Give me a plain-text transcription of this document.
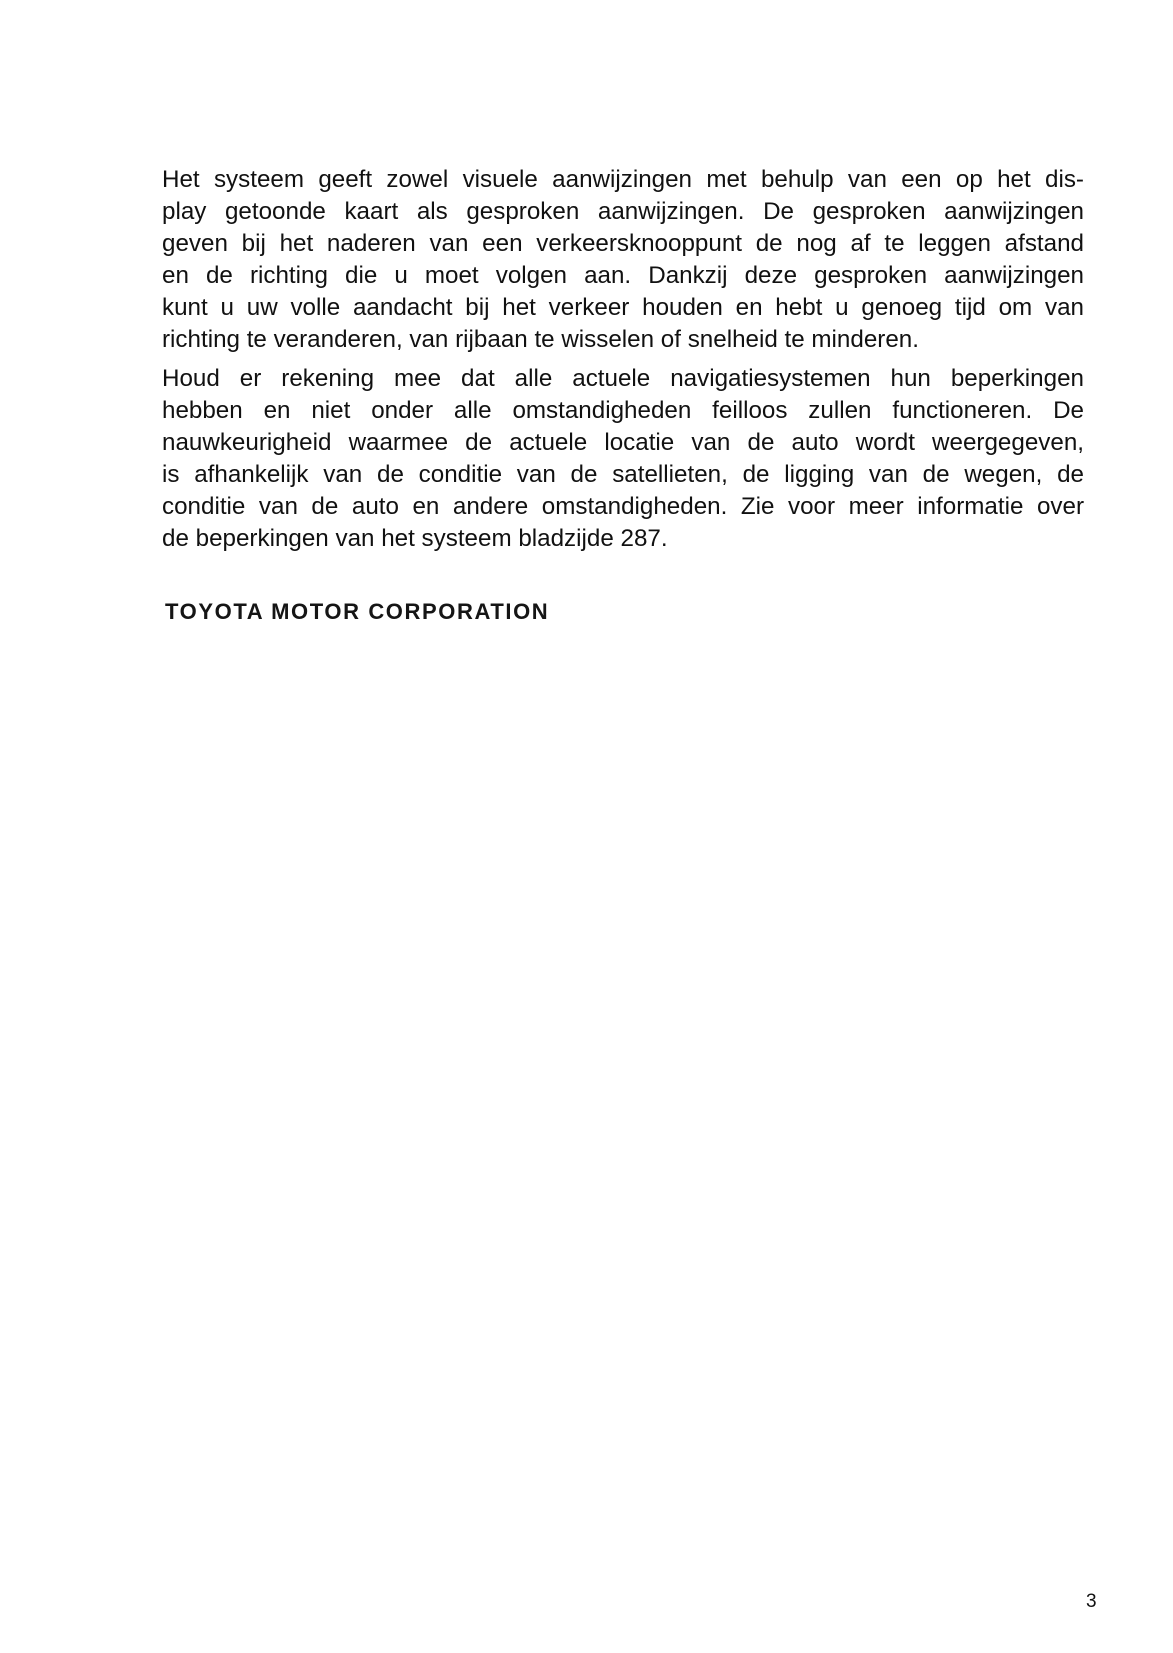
Het systeem geeft zowel visuele aanwijzingen met behulp van een op het dis-
play getoonde kaart als gesproken aanwijzingen. De gesproken aanwijzingen
geven bij het naderen van een verkeersknooppunt de nog af te leggen afstand
en de richting die u moet volgen aan. Dankzij deze gesproken aanwijzingen
kunt u uw volle aandacht bij het verkeer houden en hebt u genoeg tijd om van
richting te veranderen, van rijbaan te wisselen of snelheid te minderen.
Houd er rekening mee dat alle actuele navigatiesystemen hun beperkingen
hebben en niet onder alle omstandigheden feilloos zullen functioneren. De
nauwkeurigheid waarmee de actuele locatie van de auto wordt weergegeven,
is afhankelijk van de conditie van de satellieten, de ligging van de wegen, de
conditie van de auto en andere omstandigheden. Zie voor meer informatie over
de beperkingen van het systeem bladzijde 287.
TOYOTA MOTOR CORPORATION
3
